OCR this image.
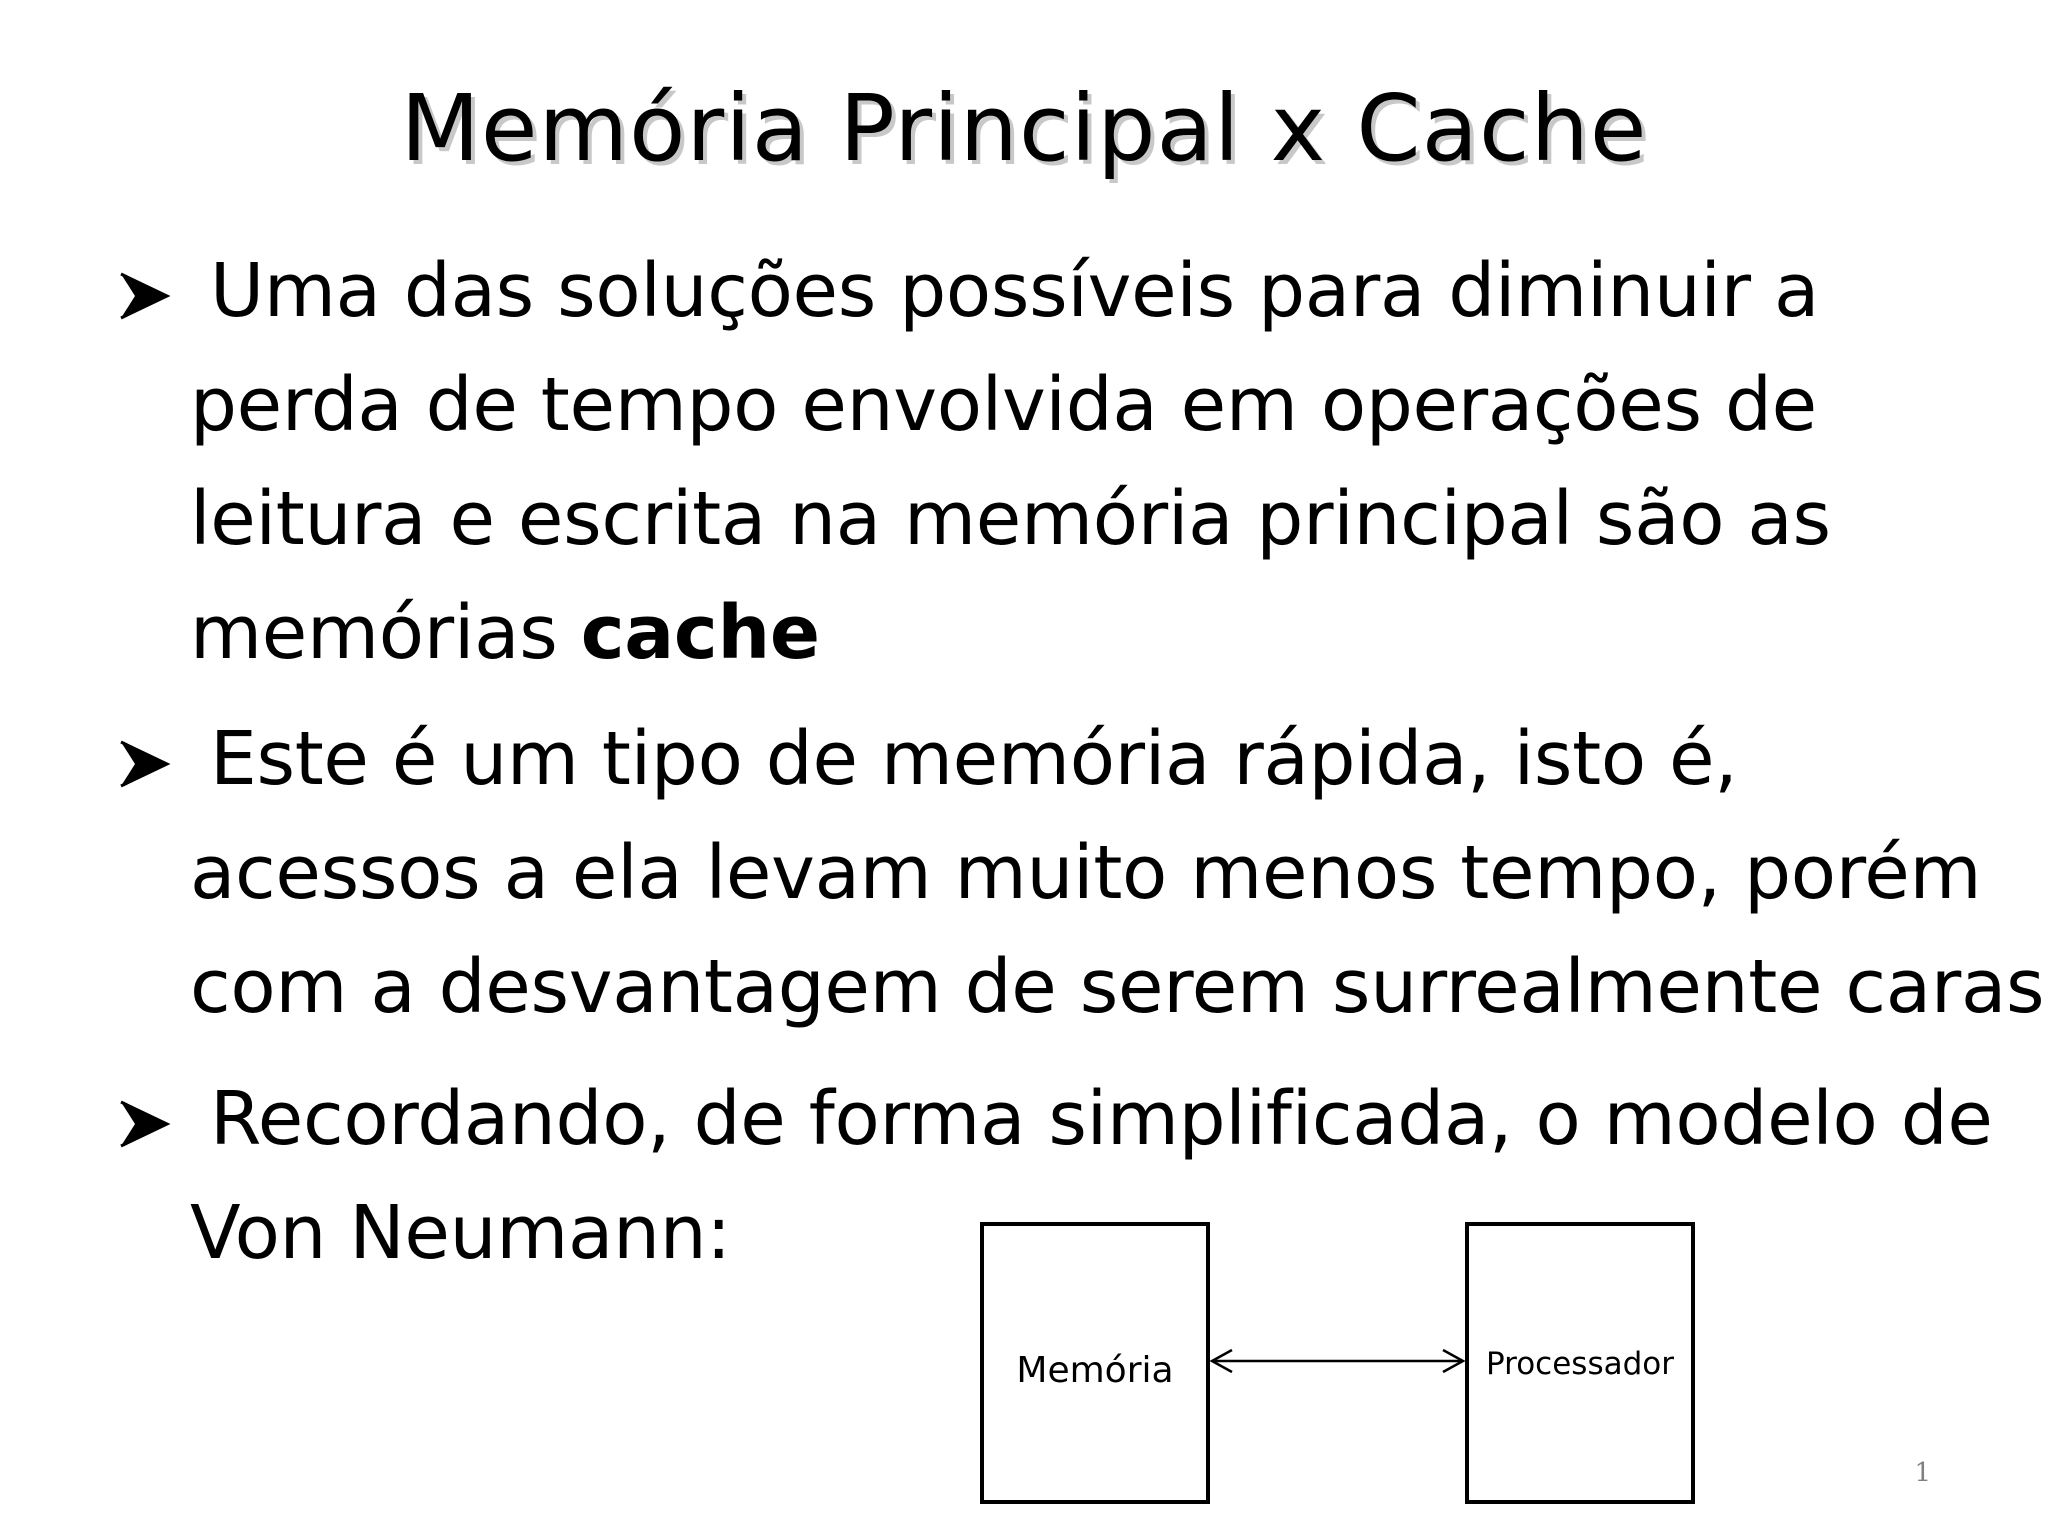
Memória Principal x Cache
Uma das soluções possíveis para diminuir a
perda de tempo envolvida em operações de
leitura e escrita na memória principal são as
memórias cache
Este é um tipo de memória rápida, isto é,
acessos a ela levam muito menos tempo, porém
com a desvantagem de serem surrealmente caras
Recordando, de forma simplificada, o modelo de
Von Neumann:
Memória	Processador
1
